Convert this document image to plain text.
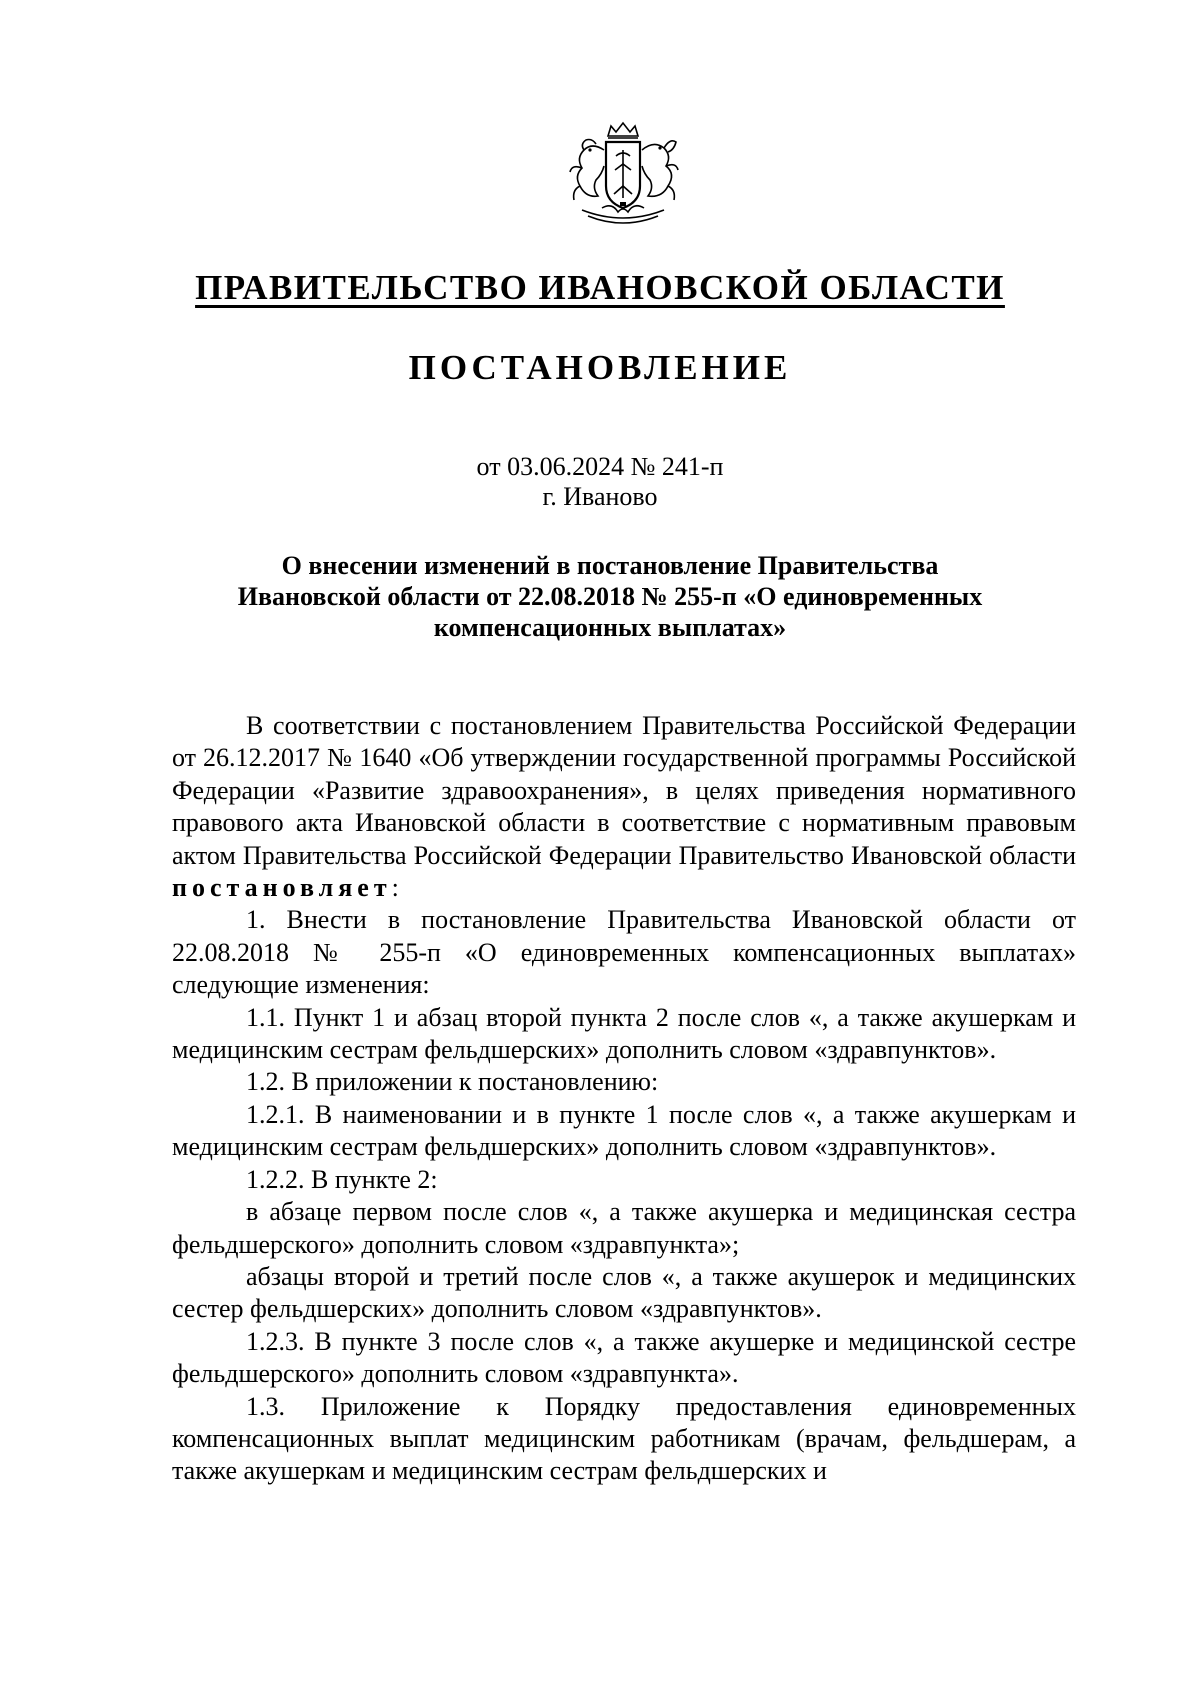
ПРАВИТЕЛЬСТВО ИВАНОВСКОЙ ОБЛАСТИ
ПОСТАНОВЛЕНИЕ
от 03.06.2024 № 241-п
г. Иваново
О внесении изменений в постановление Правительства
Ивановской области от 22.08.2018 № 255-п «О единовременных
компенсационных выплатах»

В соответствии с постановлением Правительства Российской Федерации от 26.12.2017 № 1640 «Об утверждении государственной программы Российской Федерации «Развитие здравоохранения», в целях приведения нормативного правового акта Ивановской области в соответствие с нормативным правовым актом Правительства Российской Федерации Правительство Ивановской области постановляет:

1. Внести в постановление Правительства Ивановской области от 22.08.2018 № 255-п «О единовременных компенсационных выплатах» следующие изменения:

1.1. Пункт 1 и абзац второй пункта 2 после слов «, а также акушеркам и медицинским сестрам фельдшерских» дополнить словом «здравпунктов».

1.2. В приложении к постановлению:

1.2.1. В наименовании и в пункте 1 после слов «, а также акушеркам и медицинским сестрам фельдшерских» дополнить словом «здравпунктов».

1.2.2. В пункте 2:

в абзаце первом после слов «, а также акушерка и медицинская сестра фельдшерского» дополнить словом «здравпункта»;

абзацы второй и третий после слов «, а также акушерок и медицинских сестер фельдшерских» дополнить словом «здравпунктов».

1.2.3. В пункте 3 после слов «, а также акушерке и медицинской сестре фельдшерского» дополнить словом «здравпункта».

1.3. Приложение к Порядку предоставления единовременных компенсационных выплат медицинским работникам (врачам, фельдшерам, а также акушеркам и медицинским сестрам фельдшерских и
